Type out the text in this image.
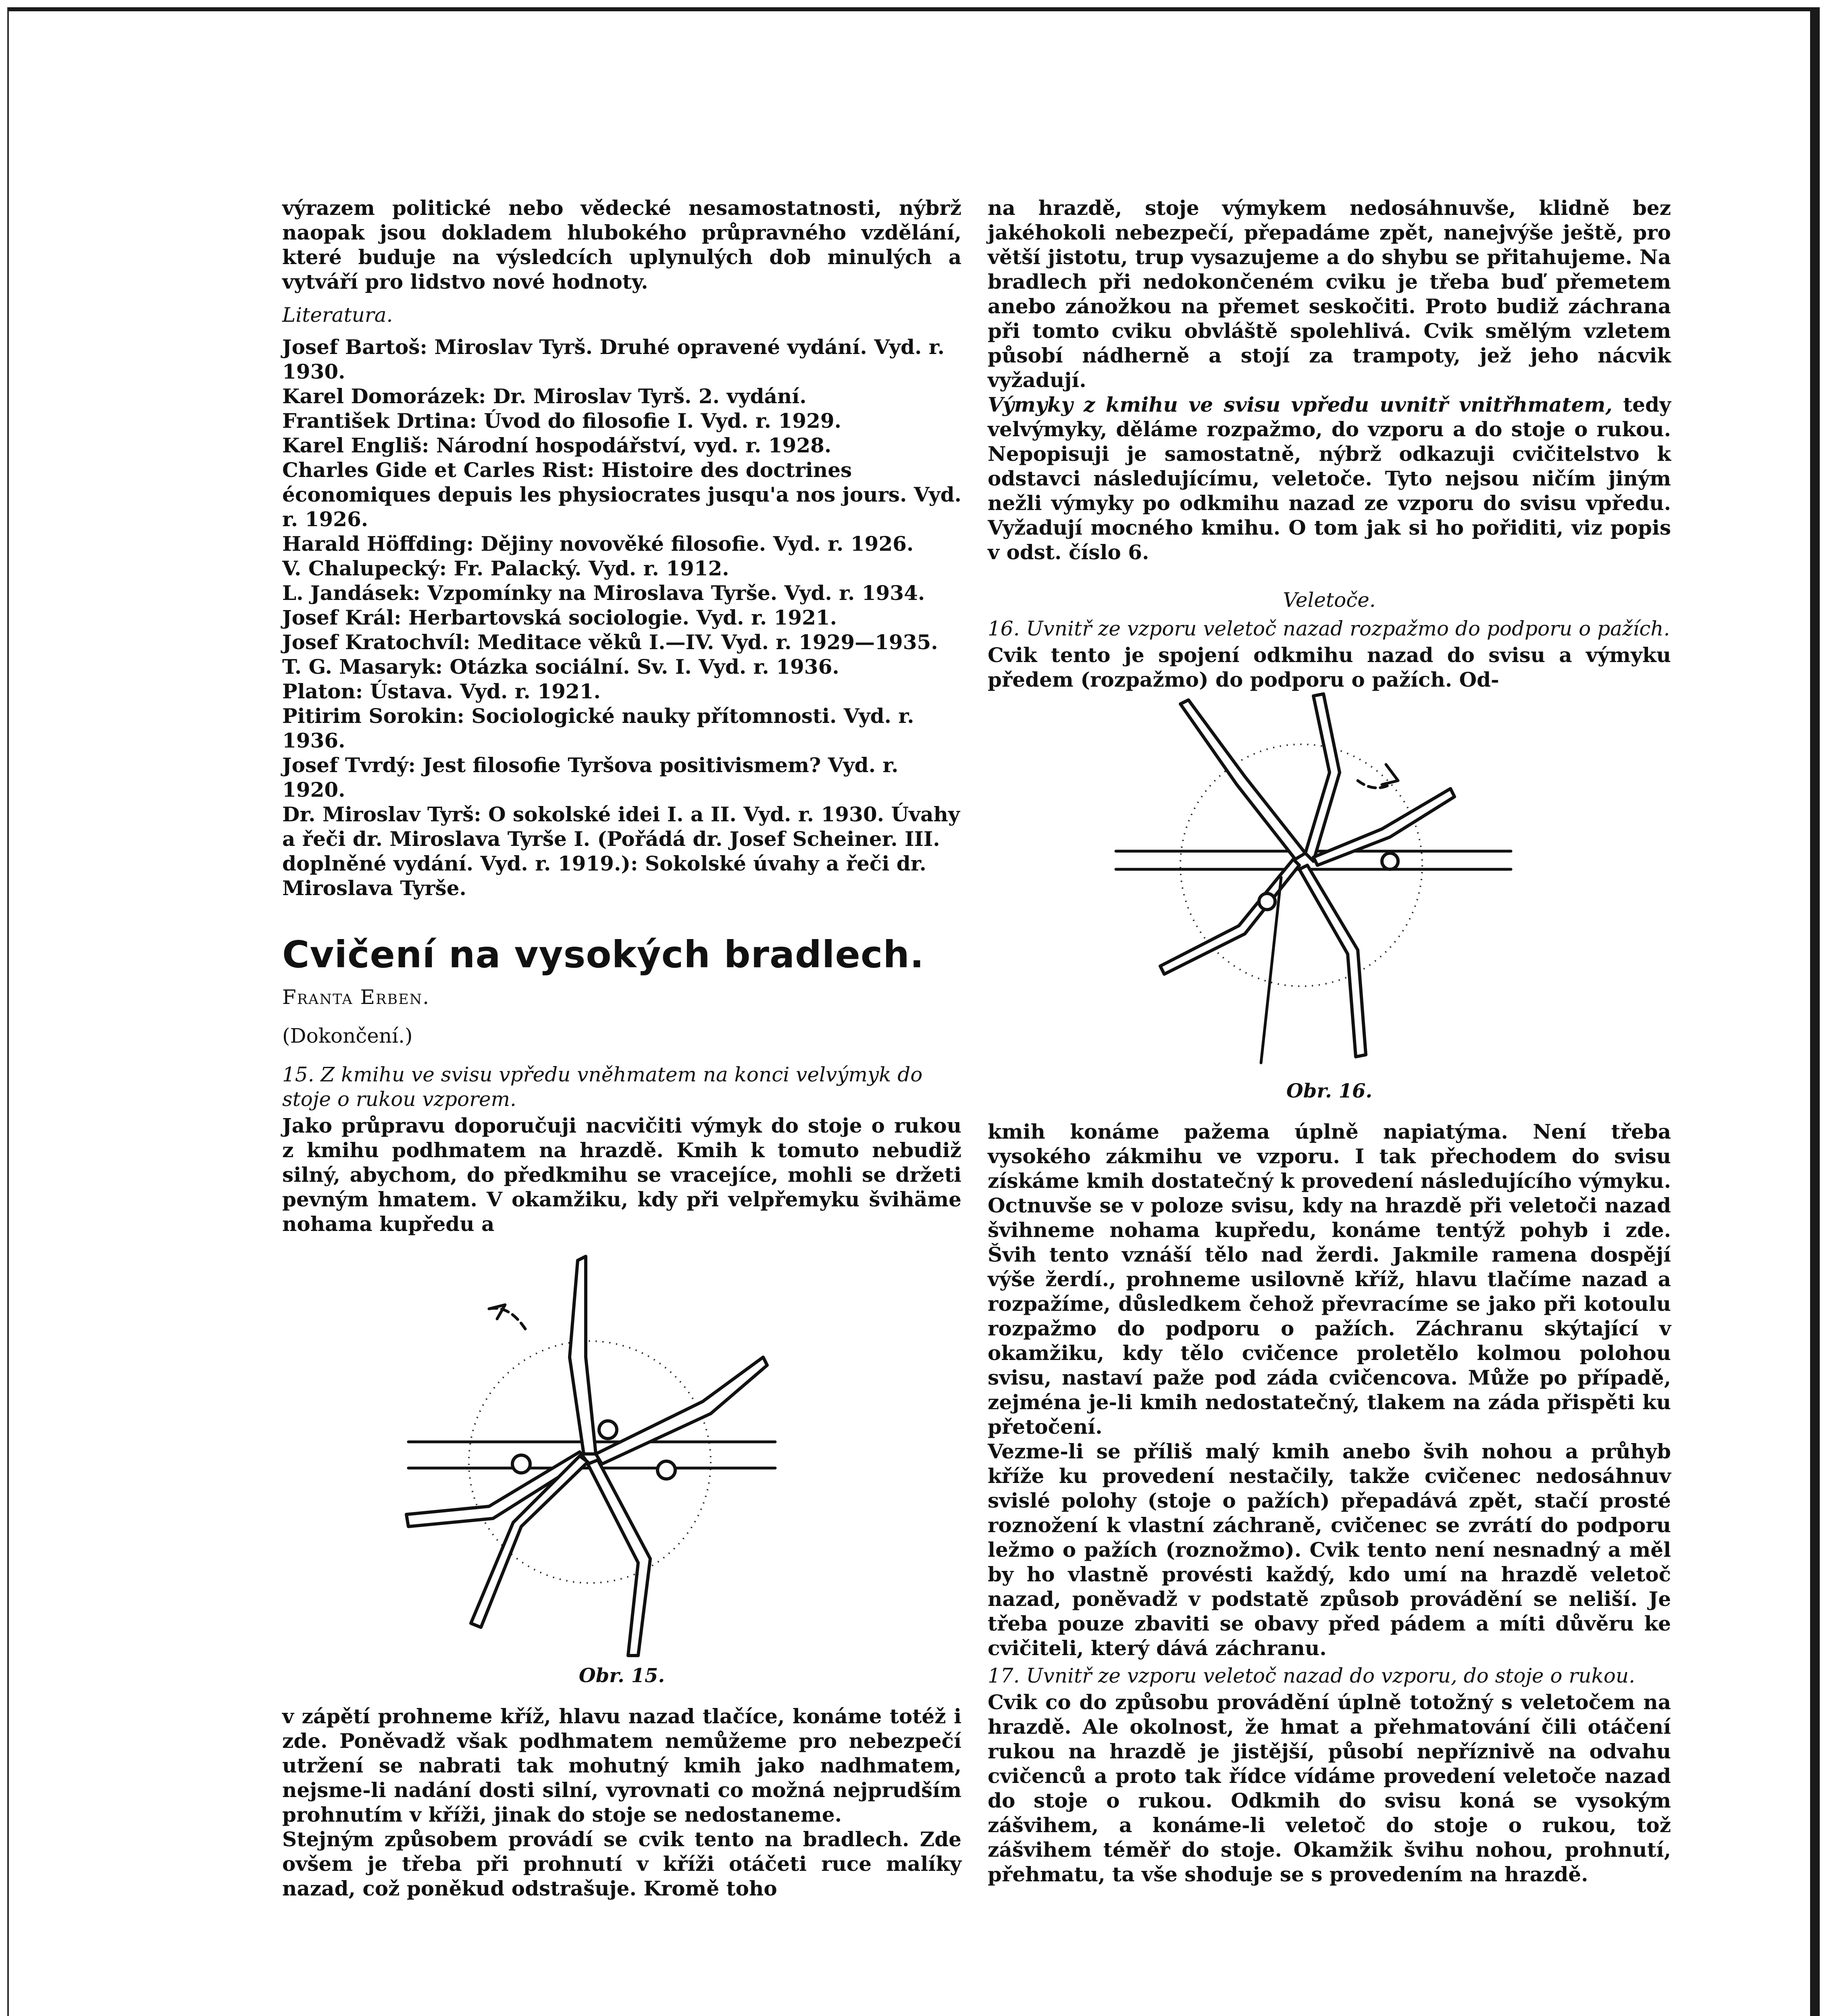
výrazem politické nebo vědecké nesamostatnosti, nýbrž naopak jsou dokladem hlubokého průpravného vzdělání, které buduje na výsledcích uplynulých dob minulých a vytváří pro lidstvo nové hodnoty.

Literatura.

Josef Bartoš: Miroslav Tyrš. Druhé opravené vydání. Vyd. r. 1930.

Karel Domorázek: Dr. Miroslav Tyrš. 2. vydání.

František Drtina: Úvod do filosofie I. Vyd. r. 1929.

Karel Engliš: Národní hospodářství, vyd. r. 1928.

Charles Gide et Carles Rist: Histoire des doctrines économiques depuis les physiocrates jusqu'a nos jours. Vyd. r. 1926.

Harald Höffding: Dějiny novověké filosofie. Vyd. r. 1926.

V. Chalupecký: Fr. Palacký. Vyd. r. 1912.

L. Jandásek: Vzpomínky na Miroslava Tyrše. Vyd. r. 1934.

Josef Král: Herbartovská sociologie. Vyd. r. 1921.

Josef Kratochvíl: Meditace věků I.—IV. Vyd. r. 1929—1935.

T. G. Masaryk: Otázka sociální. Sv. I. Vyd. r. 1936.

Platon: Ústava. Vyd. r. 1921.

Pitirim Sorokin: Sociologické nauky přítomnosti. Vyd. r. 1936.

Josef Tvrdý: Jest filosofie Tyršova positivismem? Vyd. r. 1920.

Dr. Miroslav Tyrš: O sokolské idei I. a II. Vyd. r. 1930. Úvahy a řeči dr. Miroslava Tyrše I. (Pořádá dr. Josef Scheiner. III. doplněné vydání. Vyd. r. 1919.): Sokolské úvahy a řeči dr. Miroslava Tyrše.

Cvičení na vysokých bradlech.
Franta Erben.
(Dokončení.)
15. Z kmihu ve svisu vpředu vněhmatem na konci velvýmyk do stoje o rukou vzporem.

Jako průpravu doporučuji nacvičiti výmyk do stoje o rukou z kmihu podhmatem na hrazdě. Kmih k tomuto nebudiž silný, abychom, do předkmihu se vracejíce, mohli se držeti pevným hmatem. V okamžiku, kdy při velpřemyku švihäme nohama kupředu a

Obr. 15.

v zápětí prohneme kříž, hlavu nazad tlačíce, konáme totéž i zde. Poněvadž však podhmatem nemůžeme pro nebezpečí utržení se nabrati tak mohutný kmih jako nadhmatem, nejsme-li nadání dosti silní, vyrovnati co možná nejprudším prohnutím v kříži, jinak do stoje se nedostaneme.

Stejným způsobem provádí se cvik tento na bradlech. Zde ovšem je třeba při prohnutí v kříži otáčeti ruce malíky nazad, což poněkud odstrašuje. Kromě toho

na hrazdě, stoje výmykem nedosáhnuvše, klidně bez jakéhokoli nebezpečí, přepadáme zpět, nanejvýše ještě, pro větší jistotu, trup vysazujeme a do shybu se přitahujeme. Na bradlech při nedokončeném cviku je třeba buď přemetem anebo zánožkou na přemet seskočiti. Proto budiž záchrana při tomto cviku obvláště spolehlivá. Cvik smělým vzletem působí nádherně a stojí za trampoty, jež jeho nácvik vyžadují.

Výmyky z kmihu ve svisu vpředu uvnitř vnitřhmatem, tedy velvýmyky, děláme rozpažmo, do vzporu a do stoje o rukou. Nepopisuji je samostatně, nýbrž odkazuji cvičitelstvo k odstavci následujícímu, veletoče. Tyto nejsou ničím jiným nežli výmyky po odkmihu nazad ze vzporu do svisu vpředu. Vyžadují mocného kmihu. O tom jak si ho pořiditi, viz popis v odst. číslo 6.

Veletoče.
16. Uvnitř ze vzporu veletoč nazad rozpažmo do podporu o pažích.

Cvik tento je spojení odkmihu nazad do svisu a výmyku předem (rozpažmo) do podporu o pažích. Od-

Obr. 16.

kmih konáme pažema úplně napiatýma. Není třeba vysokého zákmihu ve vzporu. I tak přechodem do svisu získáme kmih dostatečný k provedení následujícího výmyku. Octnuvše se v poloze svisu, kdy na hrazdě při veletoči nazad švihneme nohama kupředu, konáme tentýž pohyb i zde. Švih tento vznáší tělo nad žerdi. Jakmile ramena dospějí výše žerdí., prohneme usilovně kříž, hlavu tlačíme nazad a rozpažíme, důsledkem čehož převracíme se jako při kotoulu rozpažmo do podporu o pažích. Záchranu skýtající v okamžiku, kdy tělo cvičence proletělo kolmou polohou svisu, nastaví paže pod záda cvičencova. Může po případě, zejména je-li kmih nedostatečný, tlakem na záda přispěti ku přetočení.

Vezme-li se příliš malý kmih anebo švih nohou a průhyb kříže ku provedení nestačily, takže cvičenec nedosáhnuv svislé polohy (stoje o pažích) přepadává zpět, stačí prosté roznožení k vlastní záchraně, cvičenec se zvrátí do podporu ležmo o pažích (roznožmo). Cvik tento není nesnadný a měl by ho vlastně provésti každý, kdo umí na hrazdě veletoč nazad, poněvadž v podstatě způsob provádění se neliší. Je třeba pouze zbaviti se obavy před pádem a míti důvěru ke cvičiteli, který dává záchranu.

17. Uvnitř ze vzporu veletoč nazad do vzporu, do stoje o rukou.

Cvik co do způsobu provádění úplně totožný s veletočem na hrazdě. Ale okolnost, že hmat a přehmatování čili otáčení rukou na hrazdě je jistější, působí nepříznivě na odvahu cvičenců a proto tak řídce vídáme provedení veletoče nazad do stoje o rukou. Odkmih do svisu koná se vysokým zášvihem, a konáme-li veletoč do stoje o rukou, tož zášvihem téměř do stoje. Okamžik švihu nohou, prohnutí, přehmatu, ta vše shoduje se s provedením na hrazdě.
